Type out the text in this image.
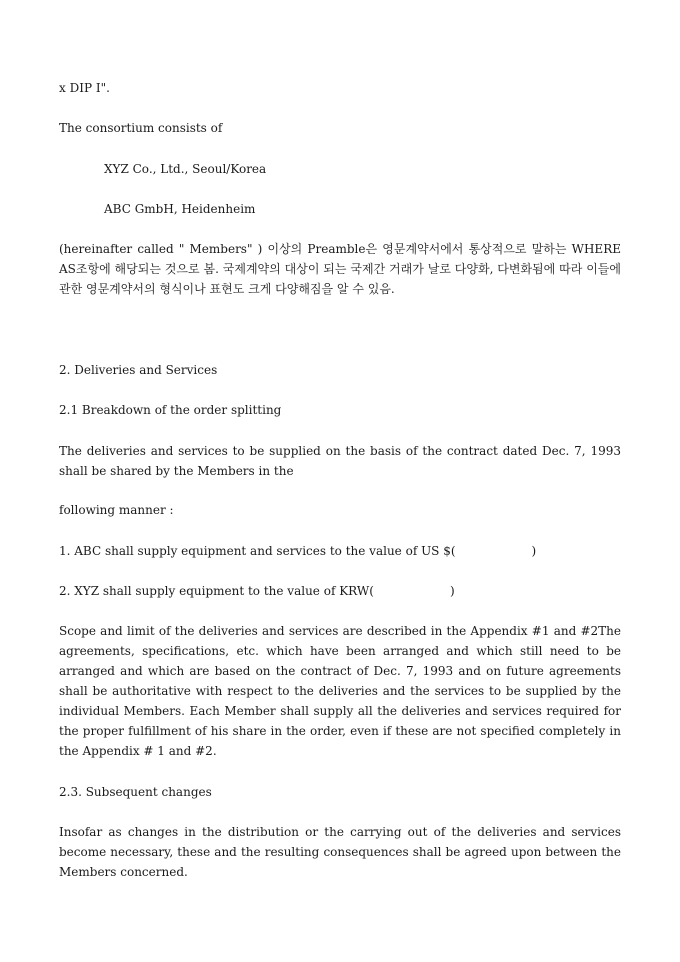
x DIP I".

The consortium consists of

XYZ Co., Ltd., Seoul/Korea

ABC GmbH, Heidenheim

(hereinafter called " Members" ) 이상의 Preamble은 영문계약서에서 통상적으로 말하는 WHERE AS조항에 해당되는 것으로 봄. 국제계약의 대상이 되는 국제간 거래가 날로 다양화, 다변화됨에 따라 이들에 관한 영문계약서의 형식이나 표현도 크게 다양해짐을 알 수 있음.

2. Deliveries and Services

2.1 Breakdown of the order splitting

The deliveries and services to be supplied on the basis of the contract dated Dec. 7, 1993 shall be shared by the Members in the

following manner :

1. ABC shall supply equipment and services to the value of US $(	)

2. XYZ shall supply equipment to the value of KRW(	)

Scope and limit of the deliveries and services are described in the Appendix #1 and #2The agreements, specifications, etc. which have been arranged and which still need to be arranged and which are based on the contract of Dec. 7, 1993 and on future agreements shall be authoritative with respect to the deliveries and the services to be supplied by the individual Members. Each Member shall supply all the deliveries and services required for the proper fulfillment of his share in the order, even if these are not specified completely in the Appendix # 1 and #2.

2.3. Subsequent changes

Insofar as changes in the distribution or the carrying out of the deliveries and services become necessary, these and the resulting consequences shall be agreed upon between the Members concerned.
